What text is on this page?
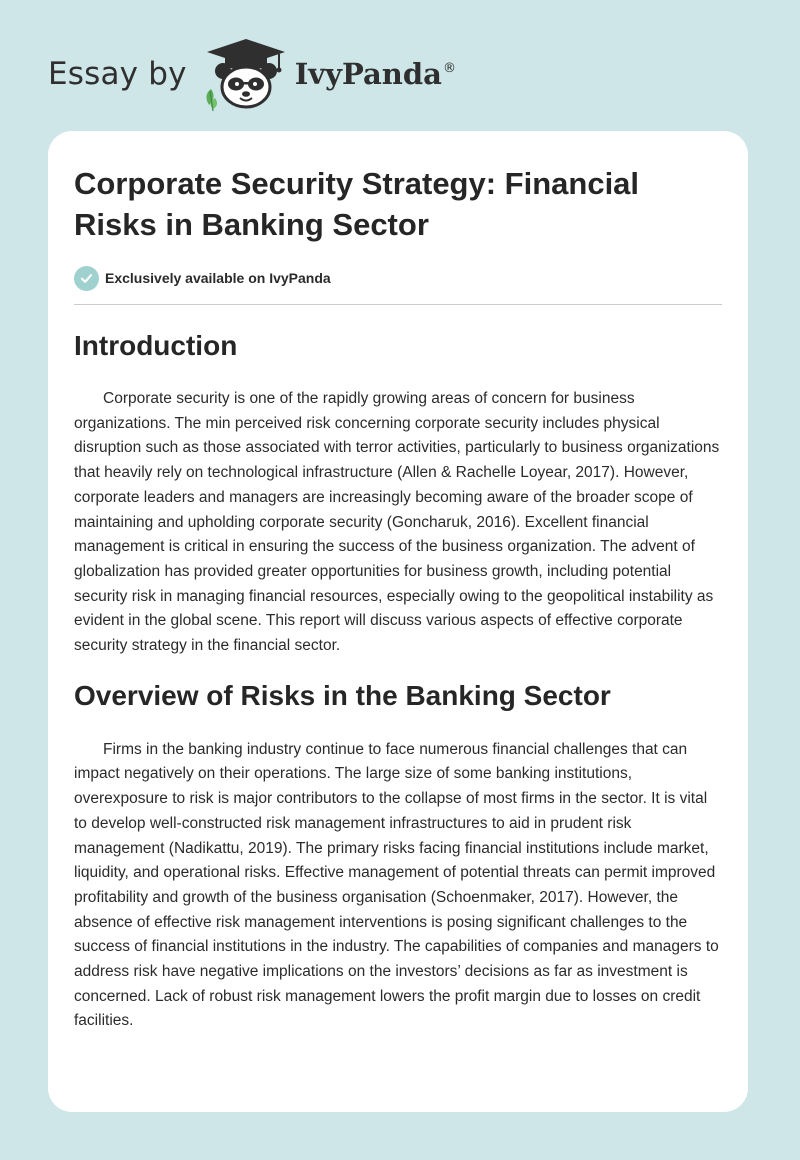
Essay by	IvyPanda®
Corporate Security Strategy: Financial Risks in Banking Sector
Exclusively available on IvyPanda
Introduction

Corporate security is one of the rapidly growing areas of concern for business organizations. The min perceived risk concerning corporate security includes physical disruption such as those associated with terror activities, particularly to business organizations that heavily rely on technological infrastructure (Allen & Rachelle Loyear, 2017). However, corporate leaders and managers are increasingly becoming aware of the broader scope of maintaining and upholding corporate security (Goncharuk, 2016). Excellent financial management is critical in ensuring the success of the business organization. The advent of globalization has provided greater opportunities for business growth, including potential security risk in managing financial resources, especially owing to the geopolitical instability as evident in the global scene. This report will discuss various aspects of effective corporate security strategy in the financial sector.

Overview of Risks in the Banking Sector

Firms in the banking industry continue to face numerous financial challenges that can impact negatively on their operations. The large size of some banking institutions, overexposure to risk is major contributors to the collapse of most firms in the sector. It is vital to develop well-constructed risk management infrastructures to aid in prudent risk management (Nadikattu, 2019). The primary risks facing financial institutions include market, liquidity, and operational risks. Effective management of potential threats can permit improved profitability and growth of the business organisation (Schoenmaker, 2017). However, the absence of effective risk management interventions is posing significant challenges to the success of financial institutions in the industry. The capabilities of companies and managers to address risk have negative implications on the investors’ decisions as far as investment is concerned. Lack of robust risk management lowers the profit margin due to losses on credit facilities.
